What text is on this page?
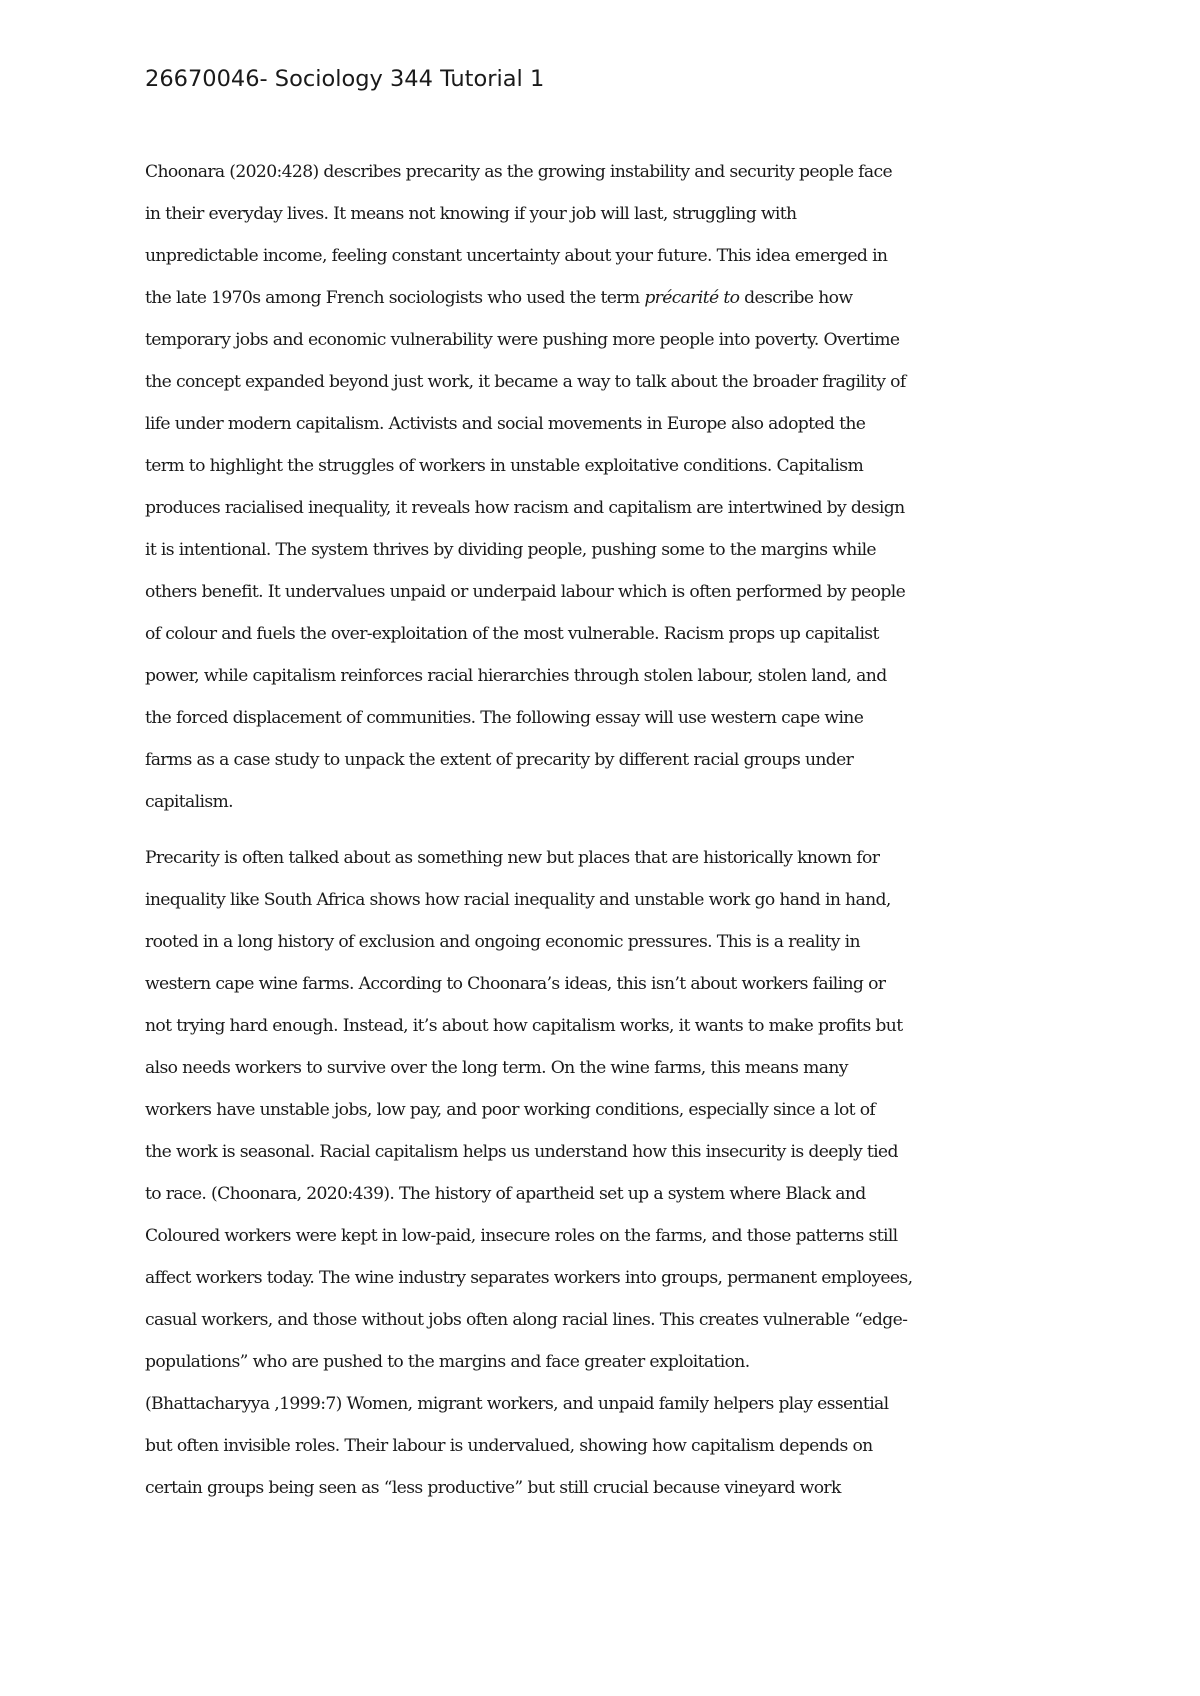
26670046- Sociology 344 Tutorial 1
Choonara (2020:428) describes precarity as the growing instability and security people face
in their everyday lives. It means not knowing if your job will last, struggling with
unpredictable income, feeling constant uncertainty about your future. This idea emerged in
the late 1970s among French sociologists who used the term précarité to describe how
temporary jobs and economic vulnerability were pushing more people into poverty. Overtime
the concept expanded beyond just work, it became a way to talk about the broader fragility of
life under modern capitalism. Activists and social movements in Europe also adopted the
term to highlight the struggles of workers in unstable exploitative conditions. Capitalism
produces racialised inequality, it reveals how racism and capitalism are intertwined by design
it is intentional. The system thrives by dividing people, pushing some to the margins while
others benefit. It undervalues unpaid or underpaid labour which is often performed by people
of colour and fuels the over-exploitation of the most vulnerable. Racism props up capitalist
power, while capitalism reinforces racial hierarchies through stolen labour, stolen land, and
the forced displacement of communities. The following essay will use western cape wine
farms as a case study to unpack the extent of precarity by different racial groups under
capitalism.
Precarity is often talked about as something new but places that are historically known for
inequality like South Africa shows how racial inequality and unstable work go hand in hand,
rooted in a long history of exclusion and ongoing economic pressures. This is a reality in
western cape wine farms. According to Choonara’s ideas, this isn’t about workers failing or
not trying hard enough. Instead, it’s about how capitalism works, it wants to make profits but
also needs workers to survive over the long term. On the wine farms, this means many
workers have unstable jobs, low pay, and poor working conditions, especially since a lot of
the work is seasonal. Racial capitalism helps us understand how this insecurity is deeply tied
to race. (Choonara, 2020:439). The history of apartheid set up a system where Black and
Coloured workers were kept in low-paid, insecure roles on the farms, and those patterns still
affect workers today. The wine industry separates workers into groups, permanent employees,
casual workers, and those without jobs often along racial lines. This creates vulnerable “edge-
populations” who are pushed to the margins and face greater exploitation.
(Bhattacharyya ,1999:7) Women, migrant workers, and unpaid family helpers play essential
but often invisible roles. Their labour is undervalued, showing how capitalism depends on
certain groups being seen as “less productive” but still crucial because vineyard work
